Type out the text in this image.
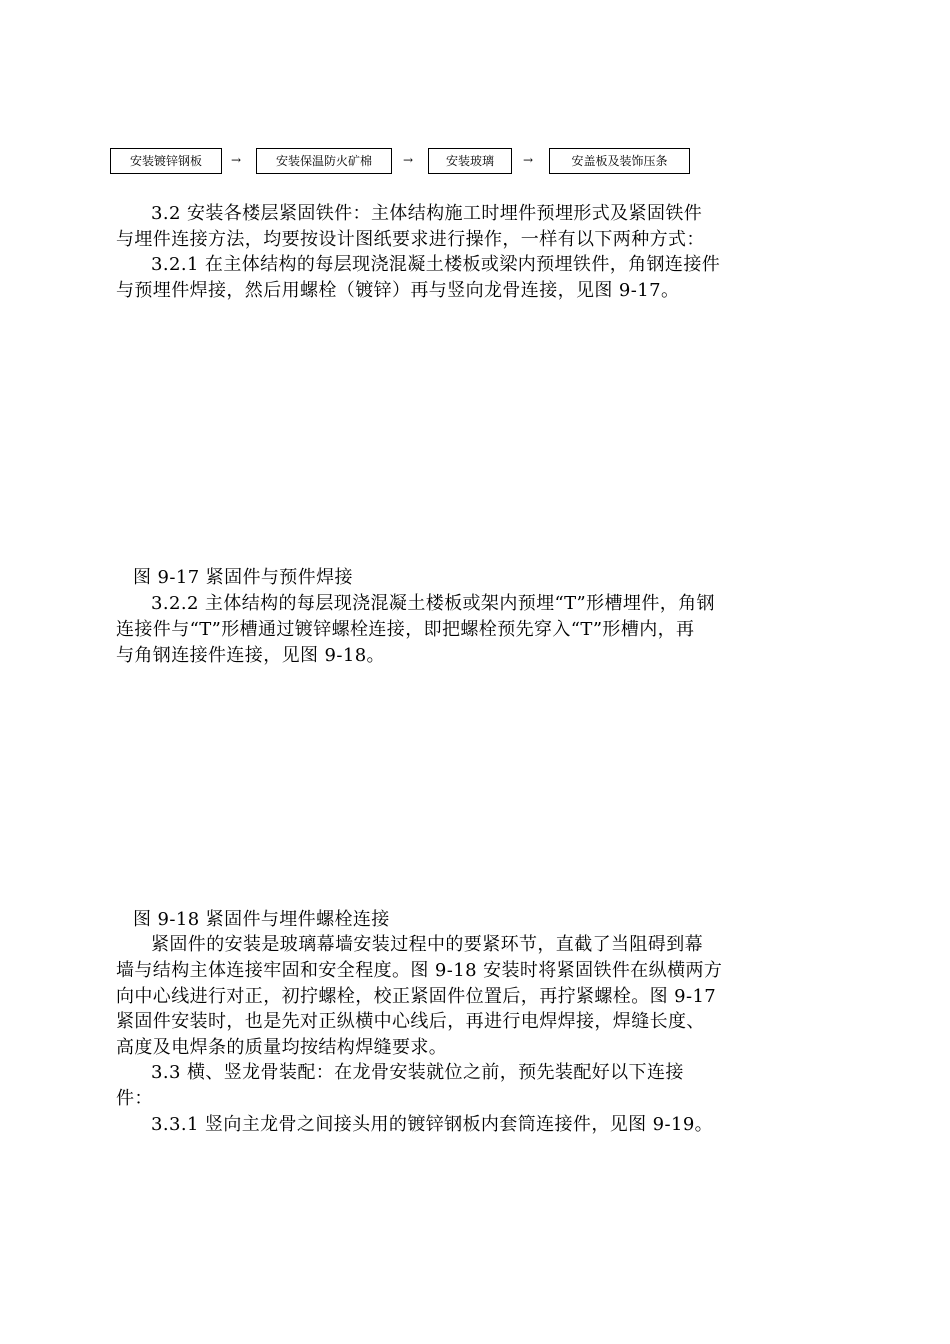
安装镀锌钢板	→	安装保温防火矿棉	→	安装玻璃	→	安盖板及装饰压条
3.2 安装各楼层紧固铁件：主体结构施工时埋件预埋形式及紧固铁件
与埋件连接方法，均要按设计图纸要求进行操作，一样有以下两种方式：
3.2.1 在主体结构的每层现浇混凝土楼板或梁内预埋铁件，角钢连接件
与预埋件焊接，然后用螺栓（镀锌）再与竖向龙骨连接，见图 9-17。
图 9-17 紧固件与预件焊接
3.2.2 主体结构的每层现浇混凝土楼板或架内预埋“T”形槽埋件，角钢
连接件与“T”形槽通过镀锌螺栓连接，即把螺栓预先穿入“T”形槽内，再
与角钢连接件连接，见图 9-18。
图 9-18 紧固件与埋件螺栓连接
紧固件的安装是玻璃幕墙安装过程中的要紧环节，直截了当阻碍到幕
墙与结构主体连接牢固和安全程度。图 9-18 安装时将紧固铁件在纵横两方
向中心线进行对正，初拧螺栓，校正紧固件位置后，再拧紧螺栓。图 9-17
紧固件安装时，也是先对正纵横中心线后，再进行电焊焊接，焊缝长度、
高度及电焊条的质量均按结构焊缝要求。
3.3 横、竖龙骨装配：在龙骨安装就位之前，预先装配好以下连接
件：
3.3.1 竖向主龙骨之间接头用的镀锌钢板内套筒连接件，见图 9-19。
